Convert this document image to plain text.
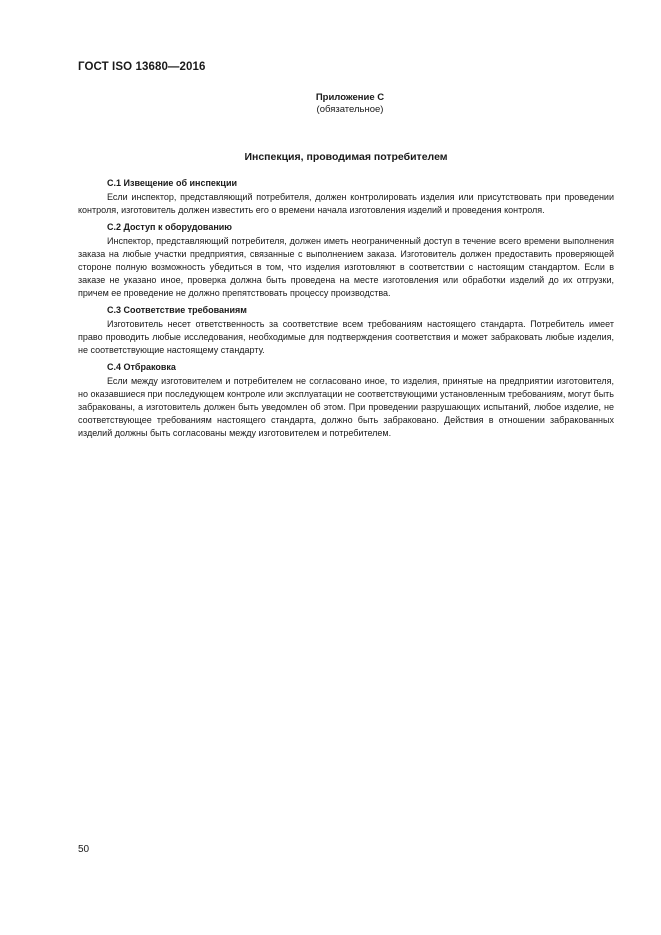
ГОСТ ISO 13680—2016
Приложение С
(обязательное)
Инспекция, проводимая потребителем

С.1 Извещение об инспекции

Если инспектор, представляющий потребителя, должен контролировать изделия или присутствовать при проведении контроля, изготовитель должен известить его о времени начала изготовления изделий и проведения контроля.

С.2 Доступ к оборудованию

Инспектор, представляющий потребителя, должен иметь неограниченный доступ в течение всего времени выполнения заказа на любые участки предприятия, связанные с выполнением заказа. Изготовитель должен предоставить проверяющей стороне полную возможность убедиться в том, что изделия изготовляют в соответствии с настоящим стандартом. Если в заказе не указано иное, проверка должна быть проведена на месте изготовления или обработки изделий до их отгрузки, причем ее проведение не должно препятствовать процессу производства.

С.3 Соответствие требованиям

Изготовитель несет ответственность за соответствие всем требованиям настоящего стандарта. Потребитель имеет право проводить любые исследования, необходимые для подтверждения соответствия и может забраковать любые изделия, не соответствующие настоящему стандарту.

С.4 Отбраковка

Если между изготовителем и потребителем не согласовано иное, то изделия, принятые на предприятии изготовителя, но оказавшиеся при последующем контроле или эксплуатации не соответствующими установленным требованиям, могут быть забракованы, а изготовитель должен быть уведомлен об этом. При проведении разрушающих испытаний, любое изделие, не соответствующее требованиям настоящего стандарта, должно быть забраковано. Действия в отношении забракованных изделий должны быть согласованы между изготовителем и потребителем.

50
